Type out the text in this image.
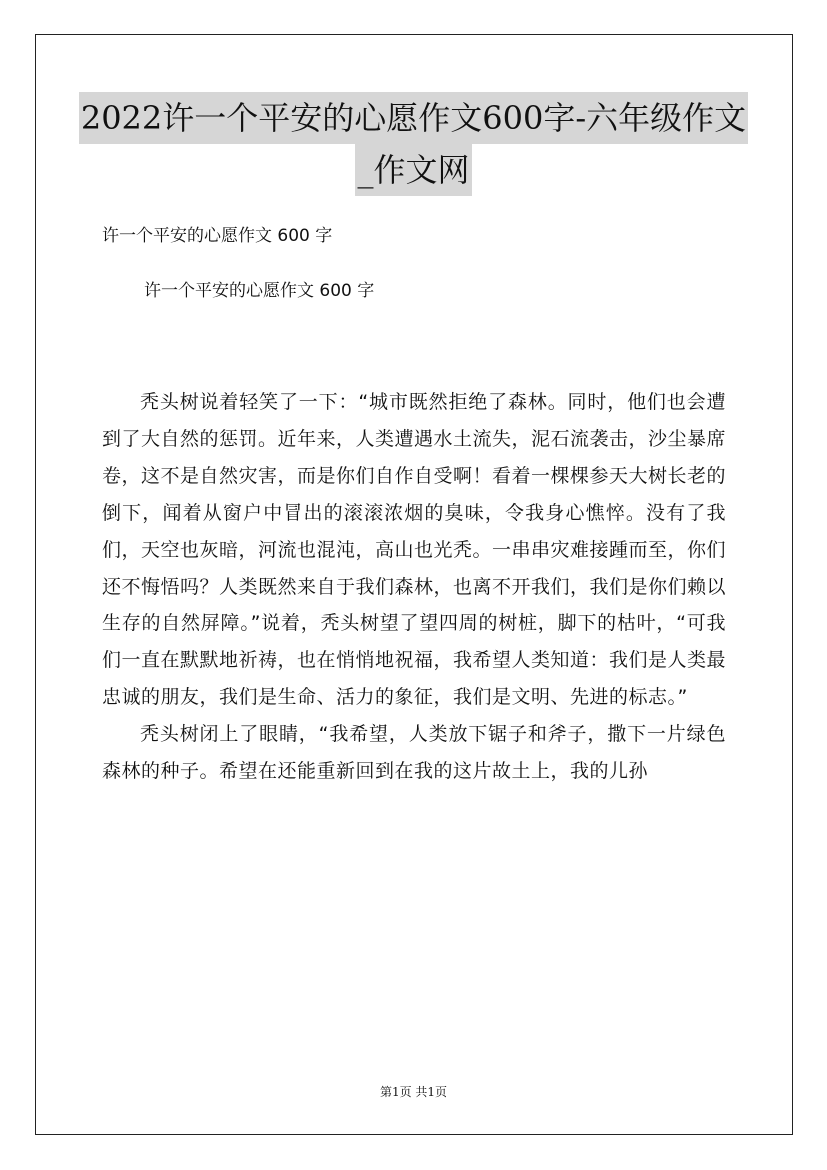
2022许一个平安的心愿作文600字-六年级作文
_作文网
许一个平安的心愿作文 600 字
许一个平安的心愿作文 600 字

秃头树说着轻笑了一下：“城市既然拒绝了森林。同时，他们也会遭到了大自然的惩罚。近年来，人类遭遇水土流失，泥石流袭击，沙尘暴席卷，这不是自然灾害，而是你们自作自受啊！看着一棵棵参天大树长老的倒下，闻着从窗户中冒出的滚滚浓烟的臭味，令我身心憔悴。没有了我们，天空也灰暗，河流也混沌，高山也光秃。一串串灾难接踵而至，你们还不悔悟吗？人类既然来自于我们森林，也离不开我们，我们是你们赖以生存的自然屏障。”说着，秃头树望了望四周的树桩，脚下的枯叶，“可我们一直在默默地祈祷，也在悄悄地祝福，我希望人类知道：我们是人类最忠诚的朋友，我们是生命、活力的象征，我们是文明、先进的标志。”

秃头树闭上了眼睛，“我希望，人类放下锯子和斧子，撒下一片绿色森林的种子。希望在还能重新回到在我的这片故土上，我的儿孙

第1页 共1页
